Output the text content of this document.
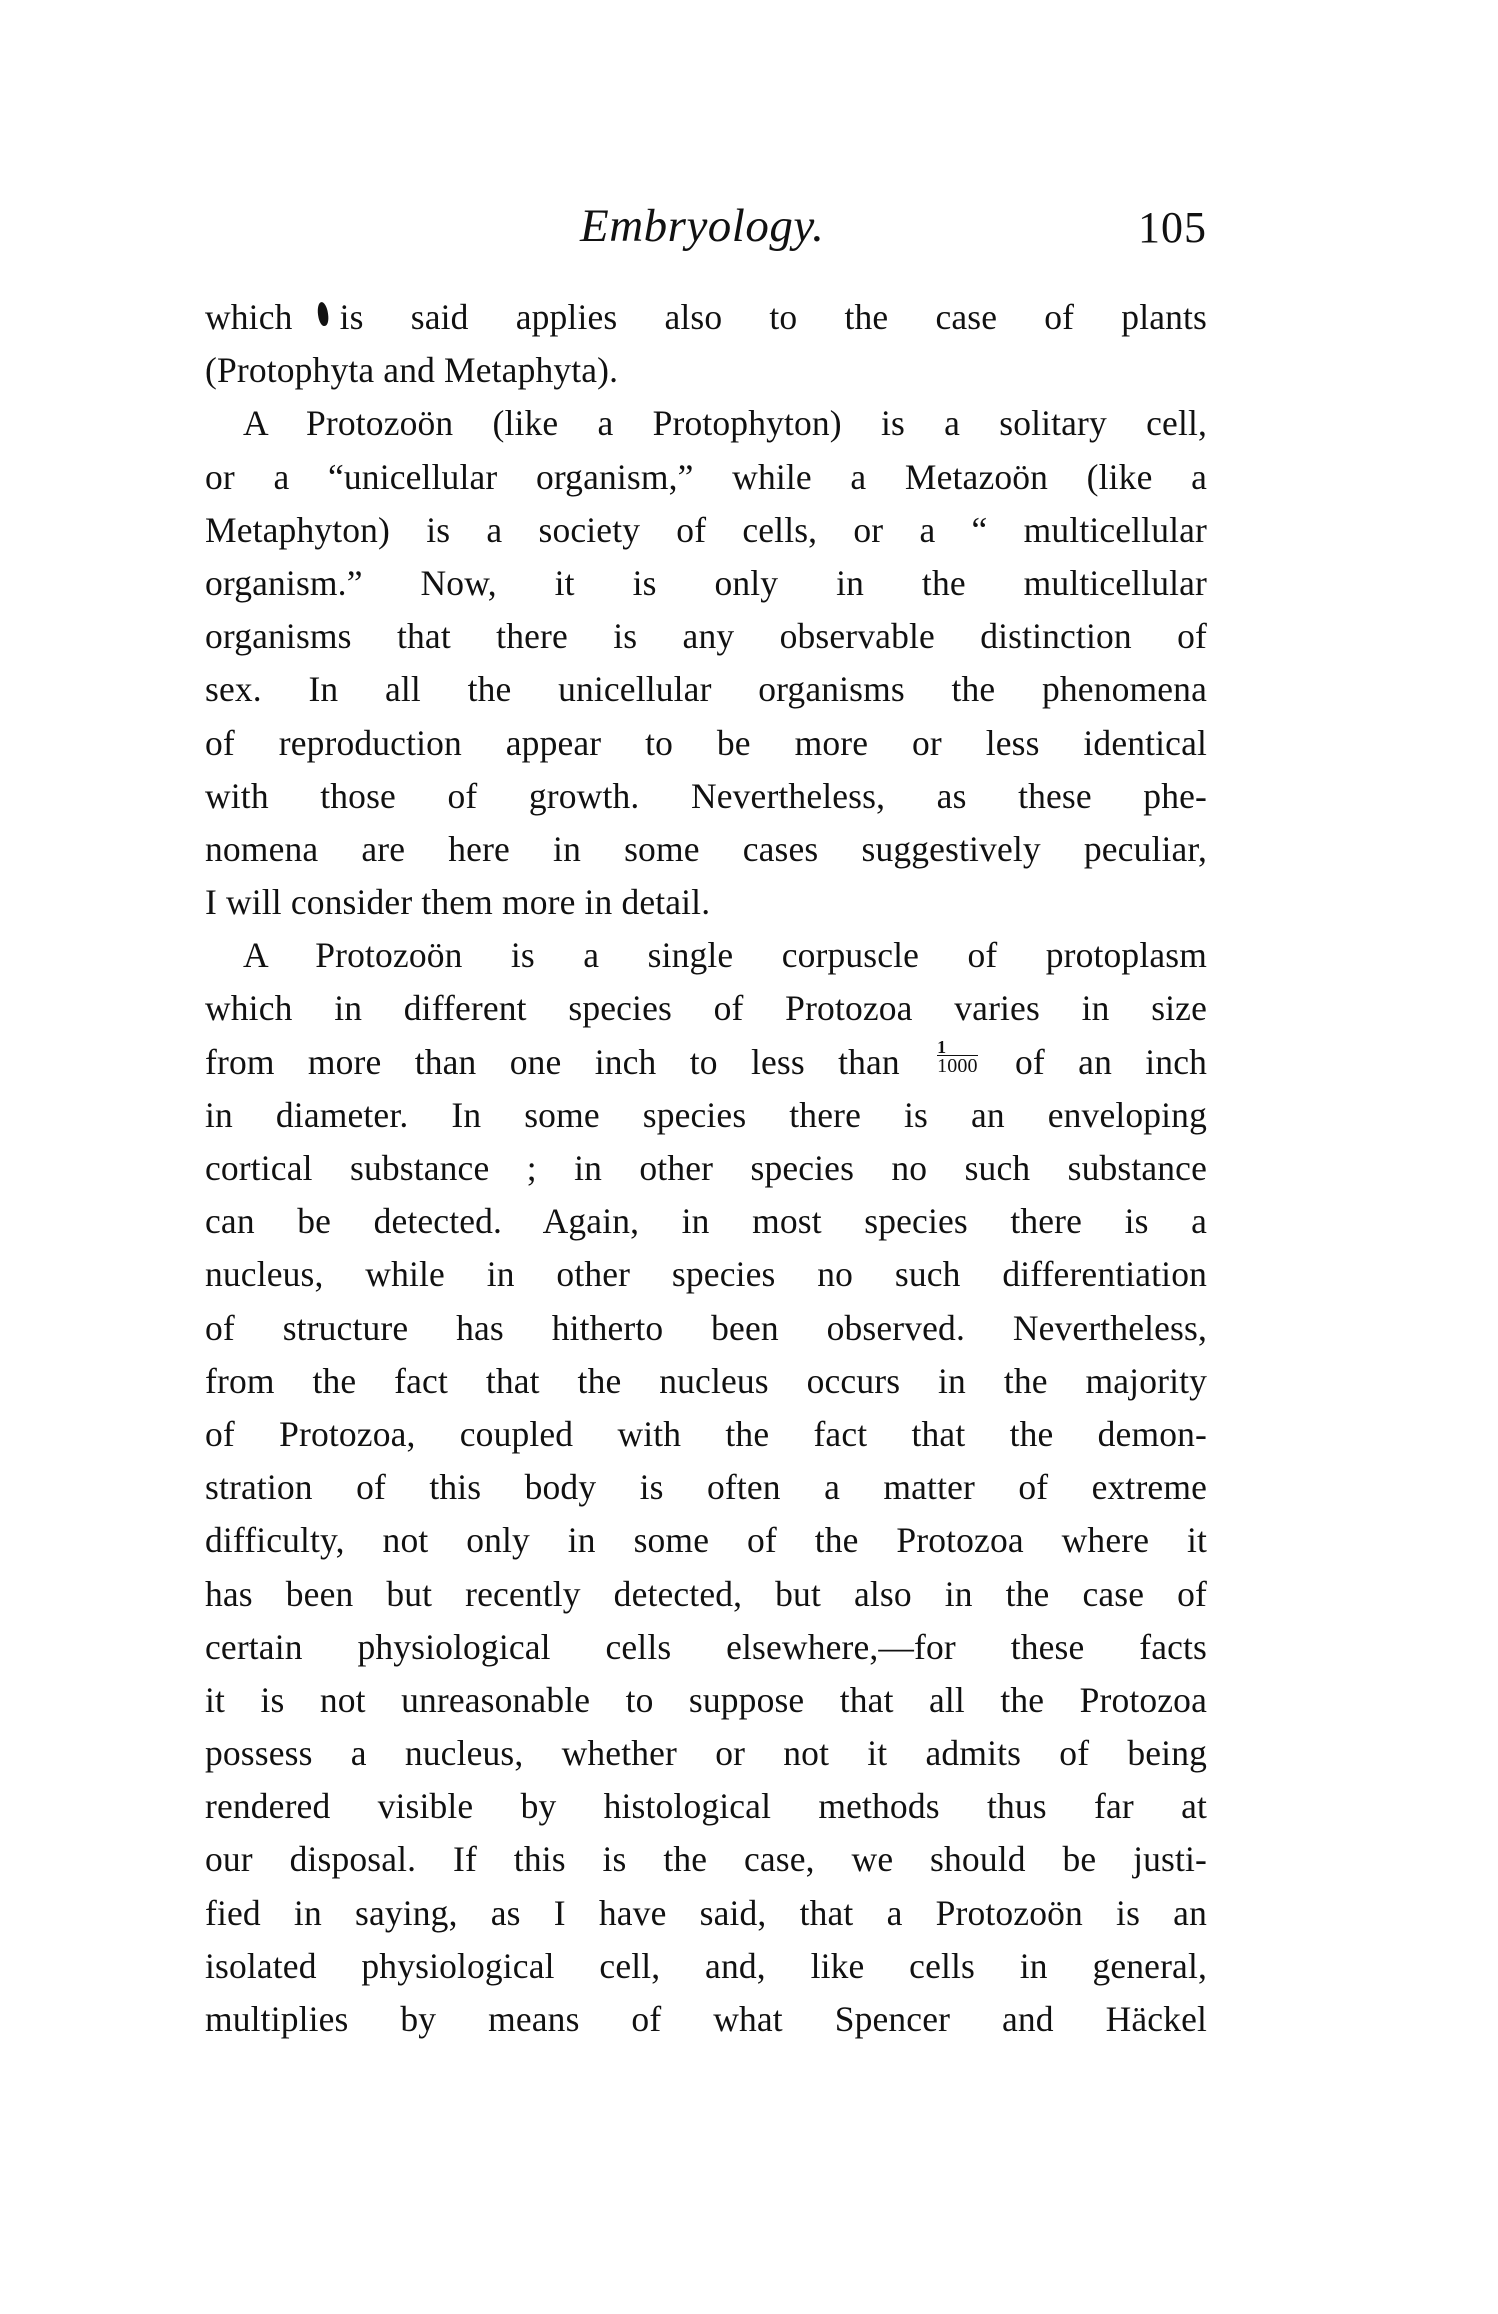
Embryology.	105
which is said applies also to the case of plants
(Protophyta and Metaphyta).
A Protozoön (like a Protophyton) is a solitary cell,
or a “unicellular organism,” while a Metazoön (like a
Metaphyton) is a society of cells, or a “ multicellular
organism.” Now, it is only in the multicellular
organisms that there is any observable distinction of
sex. In all the unicellular organisms the phenomena
of reproduction appear to be more or less identical
with those of growth. Nevertheless, as these phe-
nomena are here in some cases suggestively peculiar,
I will consider them more in detail.
A Protozoön is a single corpuscle of protoplasm
which in different species of Protozoa varies in size
from more than one inch to less than $\frac{1}{1000}$ of an inch
in diameter. In some species there is an enveloping
cortical substance ; in other species no such substance
can be detected. Again, in most species there is a
nucleus, while in other species no such differentiation
of structure has hitherto been observed. Nevertheless,
from the fact that the nucleus occurs in the majority
of Protozoa, coupled with the fact that the demon-
stration of this body is often a matter of extreme
difficulty, not only in some of the Protozoa where it
has been but recently detected, but also in the case of
certain physiological cells elsewhere,—for these facts
it is not unreasonable to suppose that all the Protozoa
possess a nucleus, whether or not it admits of being
rendered visible by histological methods thus far at
our disposal. If this is the case, we should be justi-
fied in saying, as I have said, that a Protozoön is an
isolated physiological cell, and, like cells in general,
multiplies by means of what Spencer and Häckel
